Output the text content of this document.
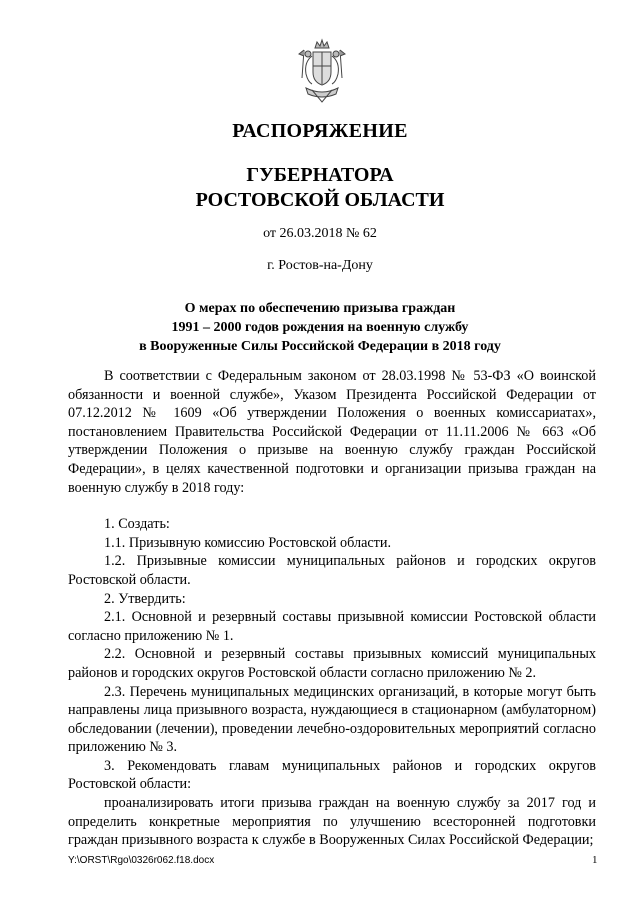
РАСПОРЯЖЕНИЕ
ГУБЕРНАТОРА
РОСТОВСКОЙ ОБЛАСТИ
от 26.03.2018 № 62
г. Ростов-на-Дону
О мерах по обеспечению призыва граждан
1991 – 2000 годов рождения на военную службу
в Вооруженные Силы Российской Федерации в 2018 году

В соответствии с Федеральным законом от 28.03.1998 № 53-ФЗ «О воинской обязанности и военной службе», Указом Президента Российской Федерации от 07.12.2012 № 1609 «Об утверждении Положения о военных комиссариатах», постановлением Правительства Российской Федерации от 11.11.2006 № 663 «Об утверждении Положения о призыве на военную службу граждан Российской Федерации», в целях качественной подготовки и организации призыва граждан на военную службу в 2018 году:

1. Создать:

1.1. Призывную комиссию Ростовской области.

1.2. Призывные комиссии муниципальных районов и городских округов Ростовской области.

2. Утвердить:

2.1. Основной и резервный составы призывной комиссии Ростовской области согласно приложению № 1.

2.2. Основной и резервный составы призывных комиссий муниципальных районов и городских округов Ростовской области согласно приложению № 2.

2.3. Перечень муниципальных медицинских организаций, в которые могут быть направлены лица призывного возраста, нуждающиеся в стационарном (амбулаторном) обследовании (лечении), проведении лечебно-оздоровительных мероприятий согласно приложению № 3.

3. Рекомендовать главам муниципальных районов и городских округов Ростовской области:

проанализировать итоги призыва граждан на военную службу за 2017 год и определить конкретные мероприятия по улучшению всесторонней подготовки граждан призывного возраста к службе в Вооруженных Силах Российской Федерации;

Y:\ORST\Rgo\0326r062.f18.docx	1
